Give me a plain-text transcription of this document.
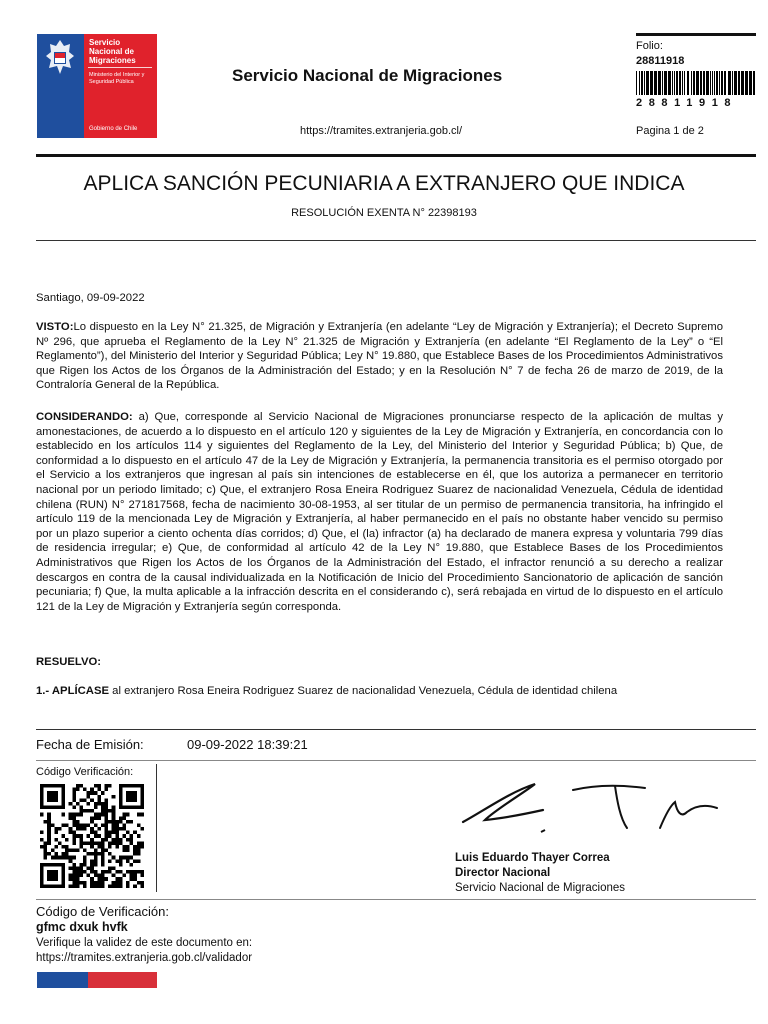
Servicio Nacional de Migraciones
Ministerio del Interior y Seguridad Pública
Gobierno de Chile
Servicio Nacional de Migraciones
https://tramites.extranjeria.gob.cl/
Folio:
28811918
28811918
Pagina 1 de 2
APLICA SANCIÓN PECUNIARIA A EXTRANJERO QUE INDICA
RESOLUCIÓN EXENTA N° 22398193
Santiago, 09-09-2022
VISTO:Lo dispuesto en la Ley N° 21.325, de Migración y Extranjería (en adelante “Ley de Migración y Extranjería); el Decreto Supremo Nº 296, que aprueba el Reglamento de la Ley N° 21.325 de Migración y Extranjería (en adelante “El Reglamento de la Ley” o “El Reglamento”), del Ministerio del Interior y Seguridad Pública; Ley N° 19.880, que Establece Bases de los Procedimientos Administrativos que Rigen los Actos de los Órganos de la Administración del Estado; y en la Resolución N° 7 de fecha 26 de marzo de 2019, de la Contraloría General de la República.
CONSIDERANDO: a) Que, corresponde al Servicio Nacional de Migraciones pronunciarse respecto de la aplicación de multas y amonestaciones, de acuerdo a lo dispuesto en el artículo 120 y siguientes de la Ley de Migración y Extranjería, en concordancia con lo establecido en los artículos 114 y siguientes del Reglamento de la Ley, del Ministerio del Interior y Seguridad Pública; b) Que, de conformidad a lo dispuesto en el artículo 47 de la Ley de Migración y Extranjería, la permanencia transitoria es el permiso otorgado por el Servicio a los extranjeros que ingresan al país sin intenciones de establecerse en él, que los autoriza a permanecer en territorio nacional por un periodo limitado; c) Que, el extranjero Rosa Eneira Rodriguez Suarez de nacionalidad Venezuela, Cédula de identidad chilena (RUN) N° 271817568, fecha de nacimiento 30-08-1953, al ser titular de un permiso de permanencia transitoria, ha infringido el artículo 119 de la mencionada Ley de Migración y Extranjería, al haber permanecido en el país no obstante haber vencido su permiso por un plazo superior a ciento ochenta días corridos; d) Que, el (la) infractor (a) ha declarado de manera expresa y voluntaria 799 días de residencia irregular; e) Que, de conformidad al artículo 42 de la Ley N° 19.880, que Establece Bases de los Procedimientos Administrativos que Rigen los Actos de los Órganos de la Administración del Estado, el infractor renunció a su derecho a realizar descargos en contra de la causal individualizada en la Notificación de Inicio del Procedimiento Sancionatorio de aplicación de sanción pecuniaria; f) Que, la multa aplicable a la infracción descrita en el considerando c), será rebajada en virtud de lo dispuesto en el artículo 121 de la Ley de Migración y Extranjería según corresponda.
RESUELVO:
1.- APLÍCASE al extranjero Rosa Eneira Rodriguez Suarez de nacionalidad Venezuela, Cédula de identidad chilena
Fecha de Emisión:	09-09-2022 18:39:21
Código Verificación:
Luis Eduardo Thayer Correa
Director Nacional
Servicio Nacional de Migraciones
Código de Verificación:
gfmc dxuk hvfk
Verifique la validez de este documento en:
https://tramites.extranjeria.gob.cl/validador
